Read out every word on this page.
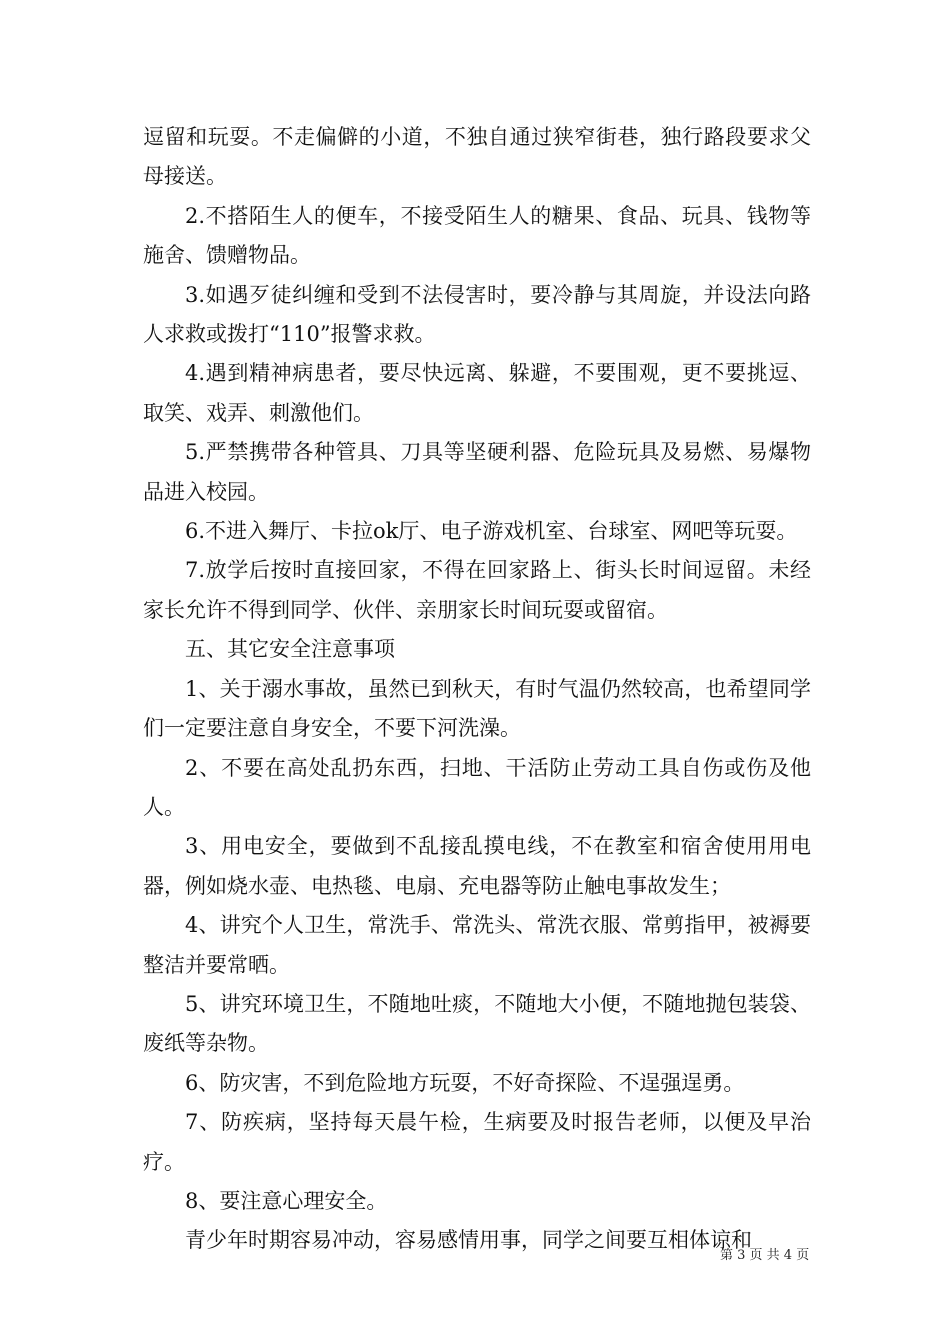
逗留和玩耍。不走偏僻的小道，不独自通过狭窄街巷，独行路段要求父母接送。

2.不搭陌生人的便车，不接受陌生人的糖果、食品、玩具、钱物等施舍、馈赠物品。

3.如遇歹徒纠缠和受到不法侵害时，要冷静与其周旋，并设法向路人求救或拨打“110”报警求救。

4.遇到精神病患者，要尽快远离、躲避，不要围观，更不要挑逗、取笑、戏弄、刺激他们。

5.严禁携带各种管具、刀具等坚硬利器、危险玩具及易燃、易爆物品进入校园。

6.不进入舞厅、卡拉ok厅、电子游戏机室、台球室、网吧等玩耍。

7.放学后按时直接回家，不得在回家路上、街头长时间逗留。未经家长允许不得到同学、伙伴、亲朋家长时间玩耍或留宿。

五、其它安全注意事项

1、关于溺水事故，虽然已到秋天，有时气温仍然较高，也希望同学们一定要注意自身安全，不要下河洗澡。

2、不要在高处乱扔东西，扫地、干活防止劳动工具自伤或伤及他人。

3、用电安全，要做到不乱接乱摸电线，不在教室和宿舍使用用电器，例如烧水壶、电热毯、电扇、充电器等防止触电事故发生；

4、讲究个人卫生，常洗手、常洗头、常洗衣服、常剪指甲，被褥要整洁并要常晒。

5、讲究环境卫生，不随地吐痰，不随地大小便，不随地抛包装袋、废纸等杂物。

6、防灾害，不到危险地方玩耍，不好奇探险、不逞强逞勇。

7、防疾病，坚持每天晨午检，生病要及时报告老师，以便及早治疗。

8、要注意心理安全。

青少年时期容易冲动，容易感情用事，同学之间要互相体谅和

第 3 页 共 4 页
